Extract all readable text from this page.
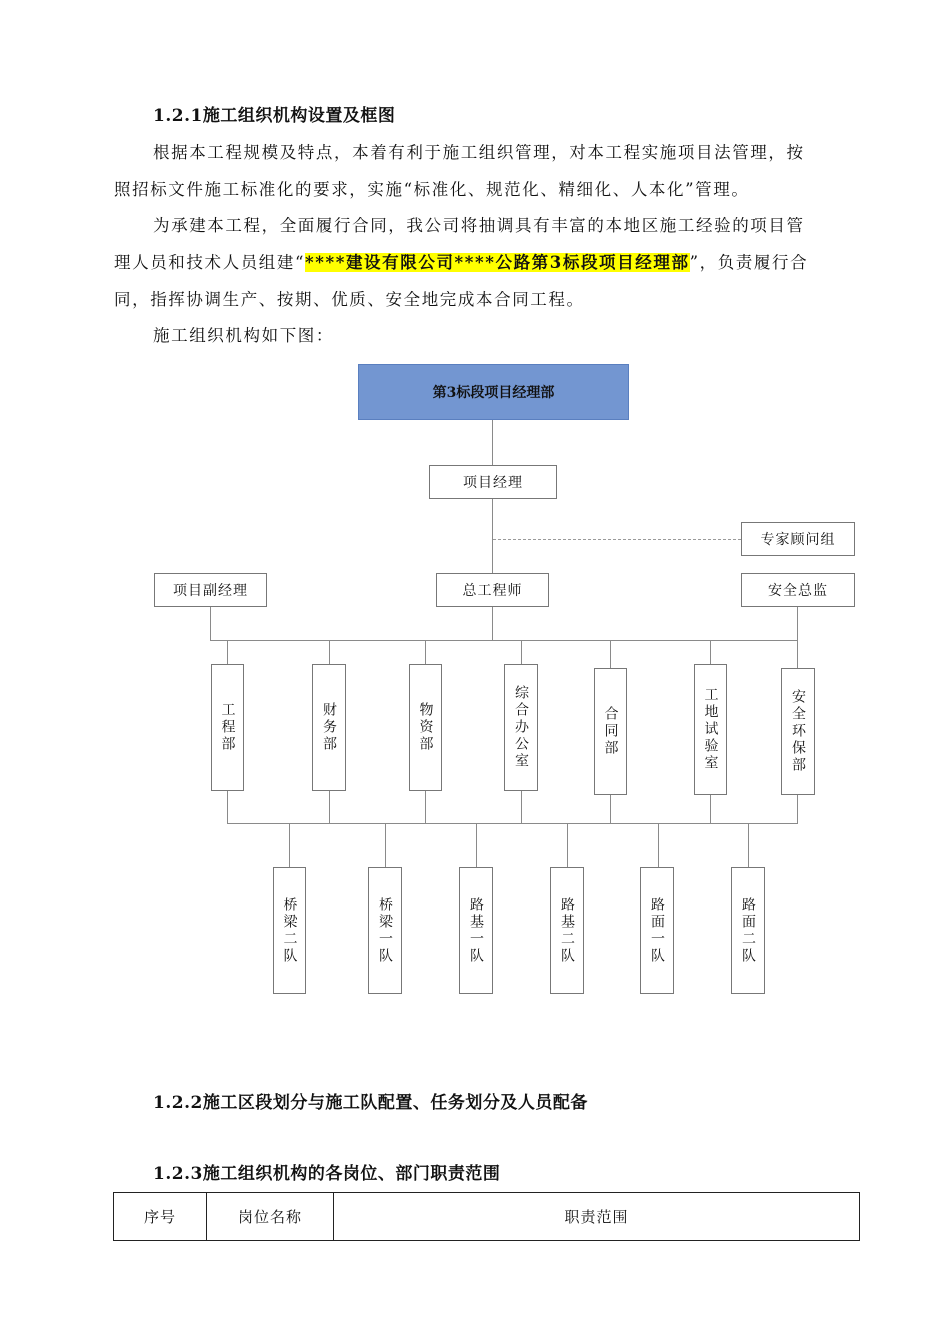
1.2.1施工组织机构设置及框图
根据本工程规模及特点，本着有利于施工组织管理，对本工程实施项目法管理，按
照招标文件施工标准化的要求，实施“标准化、规范化、精细化、人本化”管理。
为承建本工程，全面履行合同，我公司将抽调具有丰富的本地区施工经验的项目管
理人员和技术人员组建“****建设有限公司****公路第3标段项目经理部”，负责履行合
同，指挥协调生产、按期、优质、安全地完成本合同工程。
施工组织机构如下图：
第3标段项目经理部
项目经理
专家顾问组
项目副经理	总工程师	安全总监
工程部	财务部	物资部	综合办公室	合同部	工地试验室	安全环保部
桥梁二队	桥梁一队	路基一队	路基二队	路面一队	路面二队
1.2.2施工区段划分与施工队配置、任务划分及人员配备
1.2.3施工组织机构的各岗位、部门职责范围
序号	岗位名称	职责范围
